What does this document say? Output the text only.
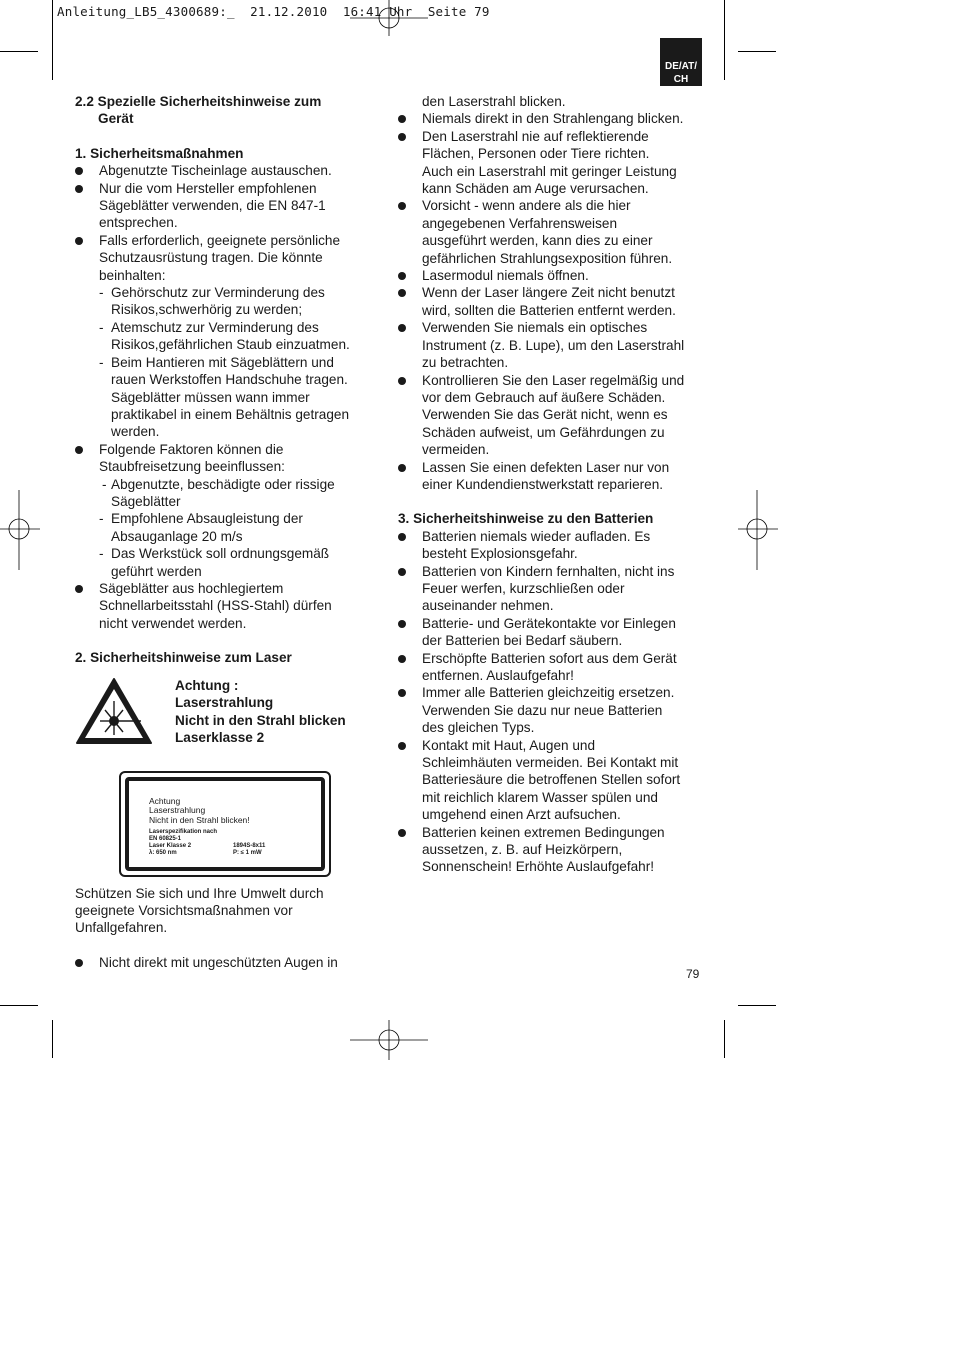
Anleitung_LB5_4300689:_  21.12.2010  16:41 Uhr  Seite 79
DE/AT/
CH
2.2 Spezielle Sicherheitshinweise zum
Gerät
1. Sicherheitsmaßnahmen
Abgenutzte Tischeinlage austauschen.
Nur die vom Hersteller empfohlenen
Sägeblätter verwenden, die EN 847-1
entsprechen.
Falls erforderlich, geeignete persönliche
Schutzausrüstung tragen. Die könnte
beinhalten:
- Gehörschutz zur Verminderung des
Risikos,schwerhörig zu werden;
- Atemschutz zur Verminderung des
Risikos,gefährlichen Staub einzuatmen.
- Beim Hantieren mit Sägeblättern und
rauen Werkstoffen Handschuhe tragen.
Sägeblätter müssen wann immer
praktikabel in einem Behältnis getragen
werden.
Folgende Faktoren können die
Staubfreisetzung beeinflussen:
- Abgenutzte, beschädigte oder rissige
Sägeblätter
- Empfohlene Absaugleistung der
Absauganlage 20 m/s
- Das Werkstück soll ordnungsgemäß
geführt werden
Sägeblätter aus hochlegiertem
Schnellarbeitsstahl (HSS-Stahl) dürfen
nicht verwendet werden.
2. Sicherheitshinweise zum Laser
Achtung :
Laserstrahlung
Nicht in den Strahl blicken
Laserklasse 2
Achtung
Laserstrahlung
Nicht in den Strahl blicken!
Laserspezifikation nach
EN 60825-1
Laser Klasse 2	1894S-8x11
λ: 650 nm	P: ≤ 1 mW
Schützen Sie sich und Ihre Umwelt durch
geeignete Vorsichtsmaßnahmen vor
Unfallgefahren.
Nicht direkt mit ungeschützten Augen in
den Laserstrahl blicken.
Niemals direkt in den Strahlengang blicken.
Den Laserstrahl nie auf reflektierende
Flächen, Personen oder Tiere richten.
Auch ein Laserstrahl mit geringer Leistung
kann Schäden am Auge verursachen.
Vorsicht - wenn andere als die hier
angegebenen Verfahrensweisen
ausgeführt werden, kann dies zu einer
gefährlichen Strahlungsexposition führen.
Lasermodul niemals öffnen.
Wenn der Laser längere Zeit nicht benutzt
wird, sollten die Batterien entfernt werden.
Verwenden Sie niemals ein optisches
Instrument (z. B. Lupe), um den Laserstrahl
zu betrachten.
Kontrollieren Sie den Laser regelmäßig und
vor dem Gebrauch auf äußere Schäden.
Verwenden Sie das Gerät nicht, wenn es
Schäden aufweist, um Gefährdungen zu
vermeiden.
Lassen Sie einen defekten Laser nur von
einer Kundendienstwerkstatt reparieren.
3. Sicherheitshinweise zu den Batterien
Batterien niemals wieder aufladen. Es
besteht Explosionsgefahr.
Batterien von Kindern fernhalten, nicht ins
Feuer werfen, kurzschließen oder
auseinander nehmen.
Batterie- und Gerätekontakte vor Einlegen
der Batterien bei Bedarf säubern.
Erschöpfte Batterien sofort aus dem Gerät
entfernen. Auslaufgefahr!
Immer alle Batterien gleichzeitig ersetzen.
Verwenden Sie dazu nur neue Batterien
des gleichen Typs.
Kontakt mit Haut, Augen und
Schleimhäuten vermeiden. Bei Kontakt mit
Batteriesäure die betroffenen Stellen sofort
mit reichlich klarem Wasser spülen und
umgehend einen Arzt aufsuchen.
Batterien keinen extremen Bedingungen
aussetzen, z. B. auf Heizkörpern,
Sonnenschein! Erhöhte Auslaufgefahr!
79
